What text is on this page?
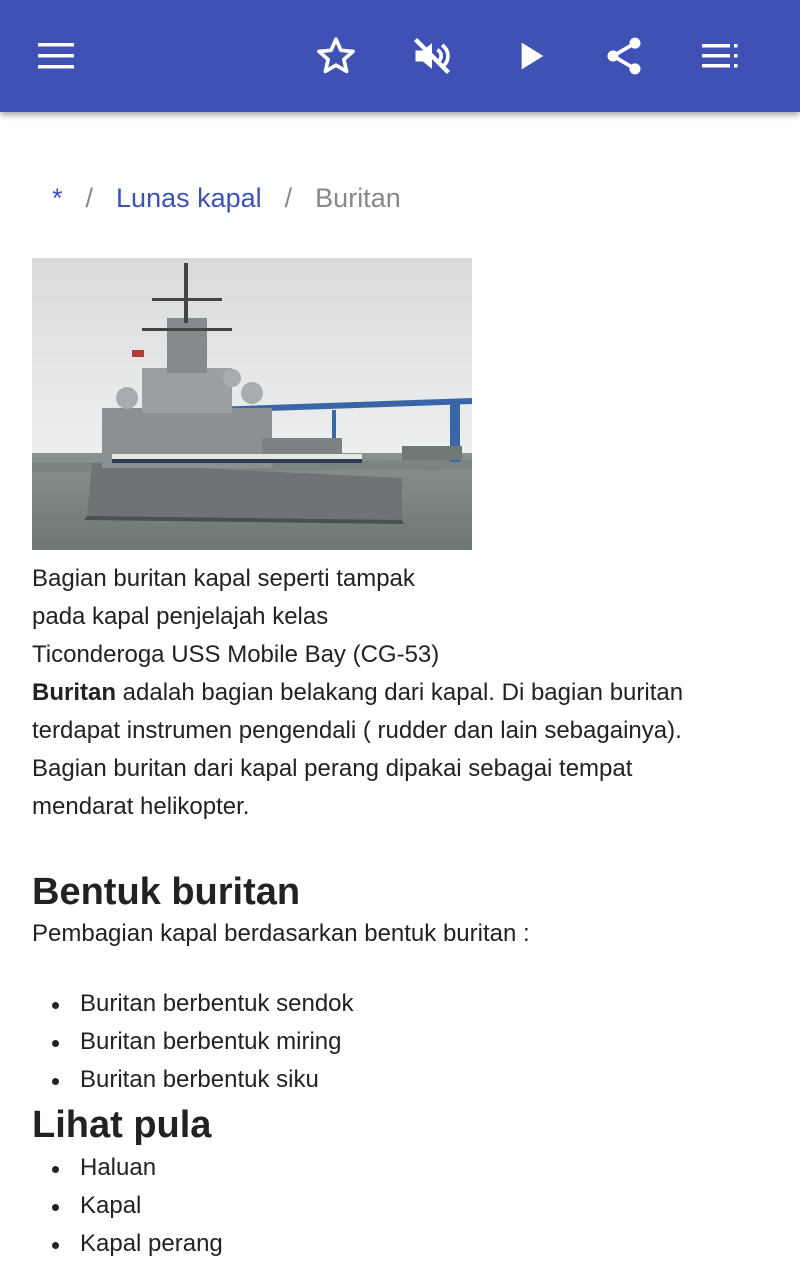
* / Lunas kapal / Buritan
Bagian buritan kapal seperti tampak
pada kapal penjelajah kelas
Ticonderoga USS Mobile Bay (CG-53)
Buritan adalah bagian belakang dari kapal. Di bagian buritan
terdapat instrumen pengendali ( rudder dan lain sebagainya).
Bagian buritan dari kapal perang dipakai sebagai tempat
mendarat helikopter.
Bentuk buritan

Pembagian kapal berdasarkan bentuk buritan :

Buritan berbentuk sendok
Buritan berbentuk miring
Buritan berbentuk siku
Lihat pula
Haluan
Kapal
Kapal perang
